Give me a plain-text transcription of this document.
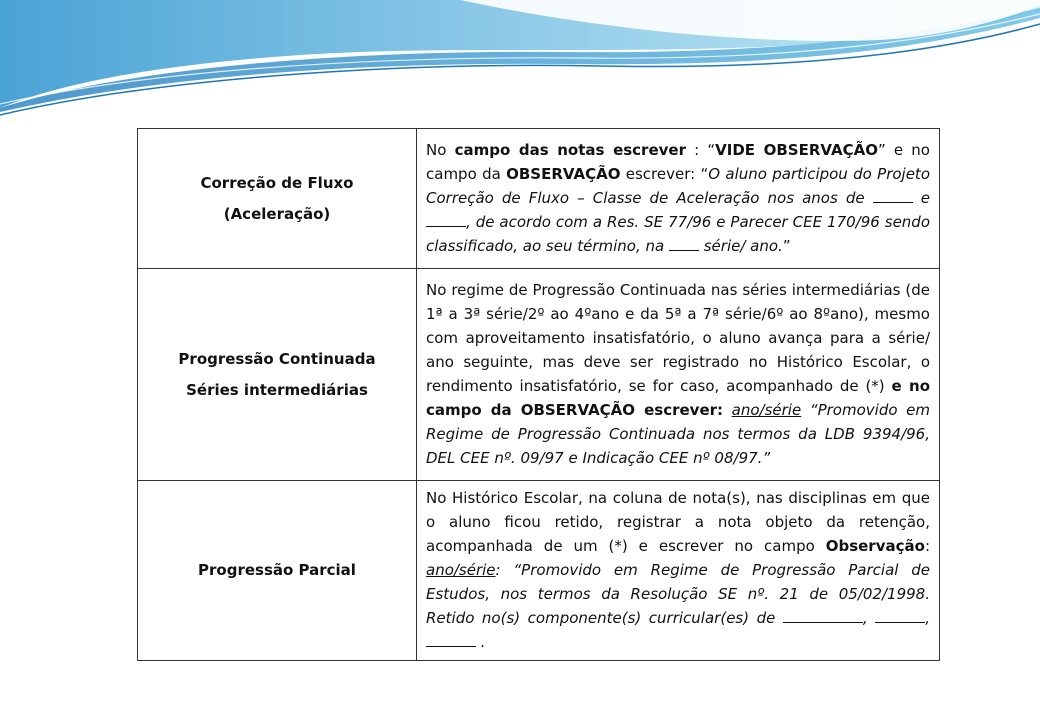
Correção de Fluxo
(Aceleração)	No campo das notas escrever : “VIDE OBSERVAÇÃO” e no campo da OBSERVAÇÃO escrever: “O aluno participou do Projeto Correção de Fluxo – Classe de Aceleração nos anos de e , de acordo com a Res. SE 77/96 e Parecer CEE 170/96 sendo classificado, ao seu término, na  série/ ano.”

Progressão Continuada
Séries intermediárias	No regime de Progressão Continuada nas séries intermediárias (de 1ª a 3ª série/2º ao 4ºano e da 5ª a 7ª série/6º ao 8ºano), mesmo com aproveitamento insatisfatório, o aluno avança para a série/ ano seguinte, mas deve ser registrado no Histórico Escolar, o rendimento insatisfatório, se for caso, acompanhado de (*) e no campo da OBSERVAÇÃO escrever: ano/série “Promovido em Regime de Progressão Continuada nos termos da LDB 9394/96, DEL CEE nº. 09/97 e Indicação CEE nº 08/97.”

Progressão Parcial	No Histórico Escolar, na coluna de nota(s), nas disciplinas em que o aluno ficou retido, registrar a nota objeto da retenção, acompanhada de um (*) e escrever no campo Observação: ano/série: “Promovido em Regime de Progressão Parcial de Estudos, nos termos da Resolução SE nº. 21 de 05/02/1998. Retido no(s) componente(s) curricular(es) de , ,  .
